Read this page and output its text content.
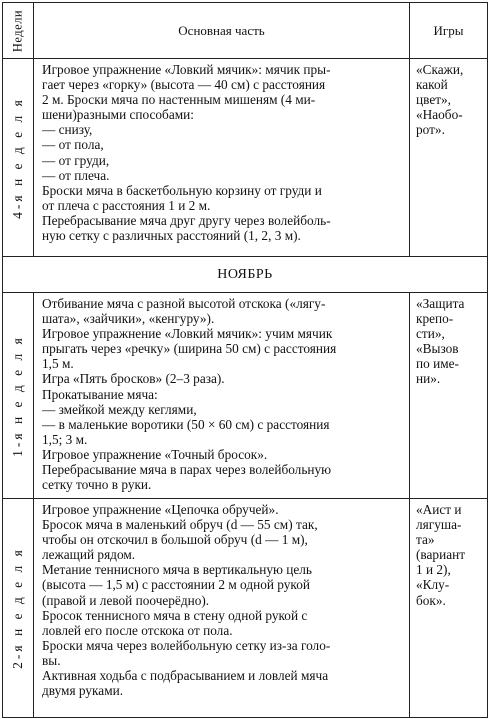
Недели	Основная часть	Игры
4-я н е д е л я
Игровое упражнение «Ловкий мячик»: мячик пры-
гает через «горку» (высота — 40 см) с расстояния
2 м. Броски мяча по настенным мишеням (4 ми-
шени)разными способами:
— снизу,
— от пола,
— от груди,
— от плеча.
Броски мяча в баскетбольную корзину от груди и
от плеча с расстояния 1 и 2 м.
Перебрасывание мяча друг другу через волейболь-
ную сетку с различных расстояний (1, 2, 3 м).
«Скажи,
какой
цвет»,
«Наобо-
рот».
НОЯБРЬ
1-я н е д е л я
Отбивание мяча с разной высотой отскока («лягу-
шата», «зайчики», «кенгуру»).
Игровое упражнение «Ловкий мячик»: учим мячик
прыгать через «речку» (ширина 50 см) с расстояния
1,5 м.
Игра «Пять бросков» (2–3 раза).
Прокатывание мяча:
— змейкой между кеглями,
— в маленькие воротики (50 × 60 см) с расстояния
1,5; 3 м.
Игровое упражнение «Точный бросок».
Перебрасывание мяча в парах через волейбольную
сетку точно в руки.
«Защита
крепо-
сти»,
«Вызов
по име-
ни».
2-я н е д е л я
Игровое упражнение «Цепочка обручей».
Бросок мяча в маленький обруч (d — 55 см) так,
чтобы он отскочил в большой обруч (d — 1 м),
лежащий рядом.
Метание теннисного мяча в вертикальную цель
(высота — 1,5 м) с расстоянии 2 м одной рукой
(правой и левой поочерёдно).
Бросок теннисного мяча в стену одной рукой с
ловлей его после отскока от пола.
Броски мяча через волейбольную сетку из-за голо-
вы.
Активная ходьба с подбрасыванием и ловлей мяча
двумя руками.
«Аист и
лягуша-
та»
(вариант
1 и 2),
«Клу-
бок».
